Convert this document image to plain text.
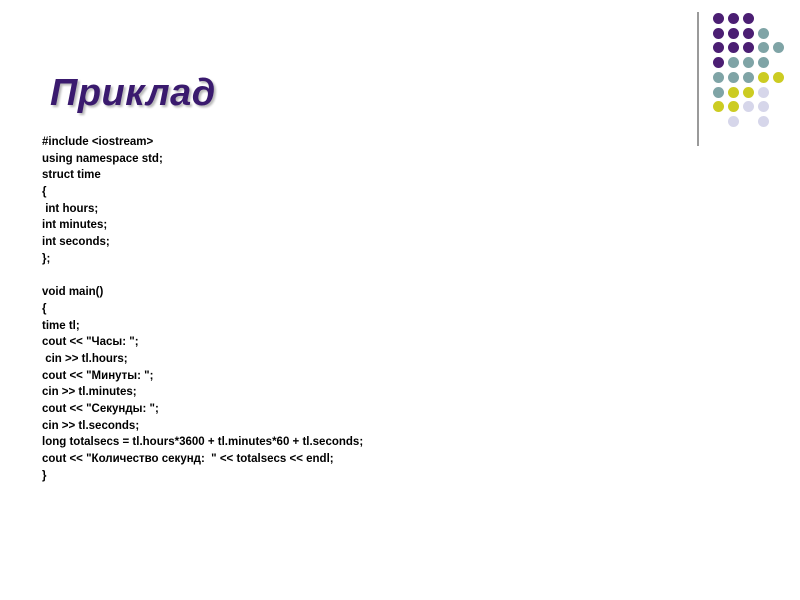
Приклад
#include <iostream>
using namespace std;
struct time
{
int hours;
int minutes;
int seconds;
};
void main()
{
time tl;
cout << "Часы: ";
cin >> tl.hours;
cout << "Минуты: ";
cin >> tl.minutes;
cout << "Секунды: ";
cin >> tl.seconds;
long totalsecs = tl.hours*3600 + tl.minutes*60 + tl.seconds;
cout << "Количество секунд:  " << totalsecs << endl;
}
